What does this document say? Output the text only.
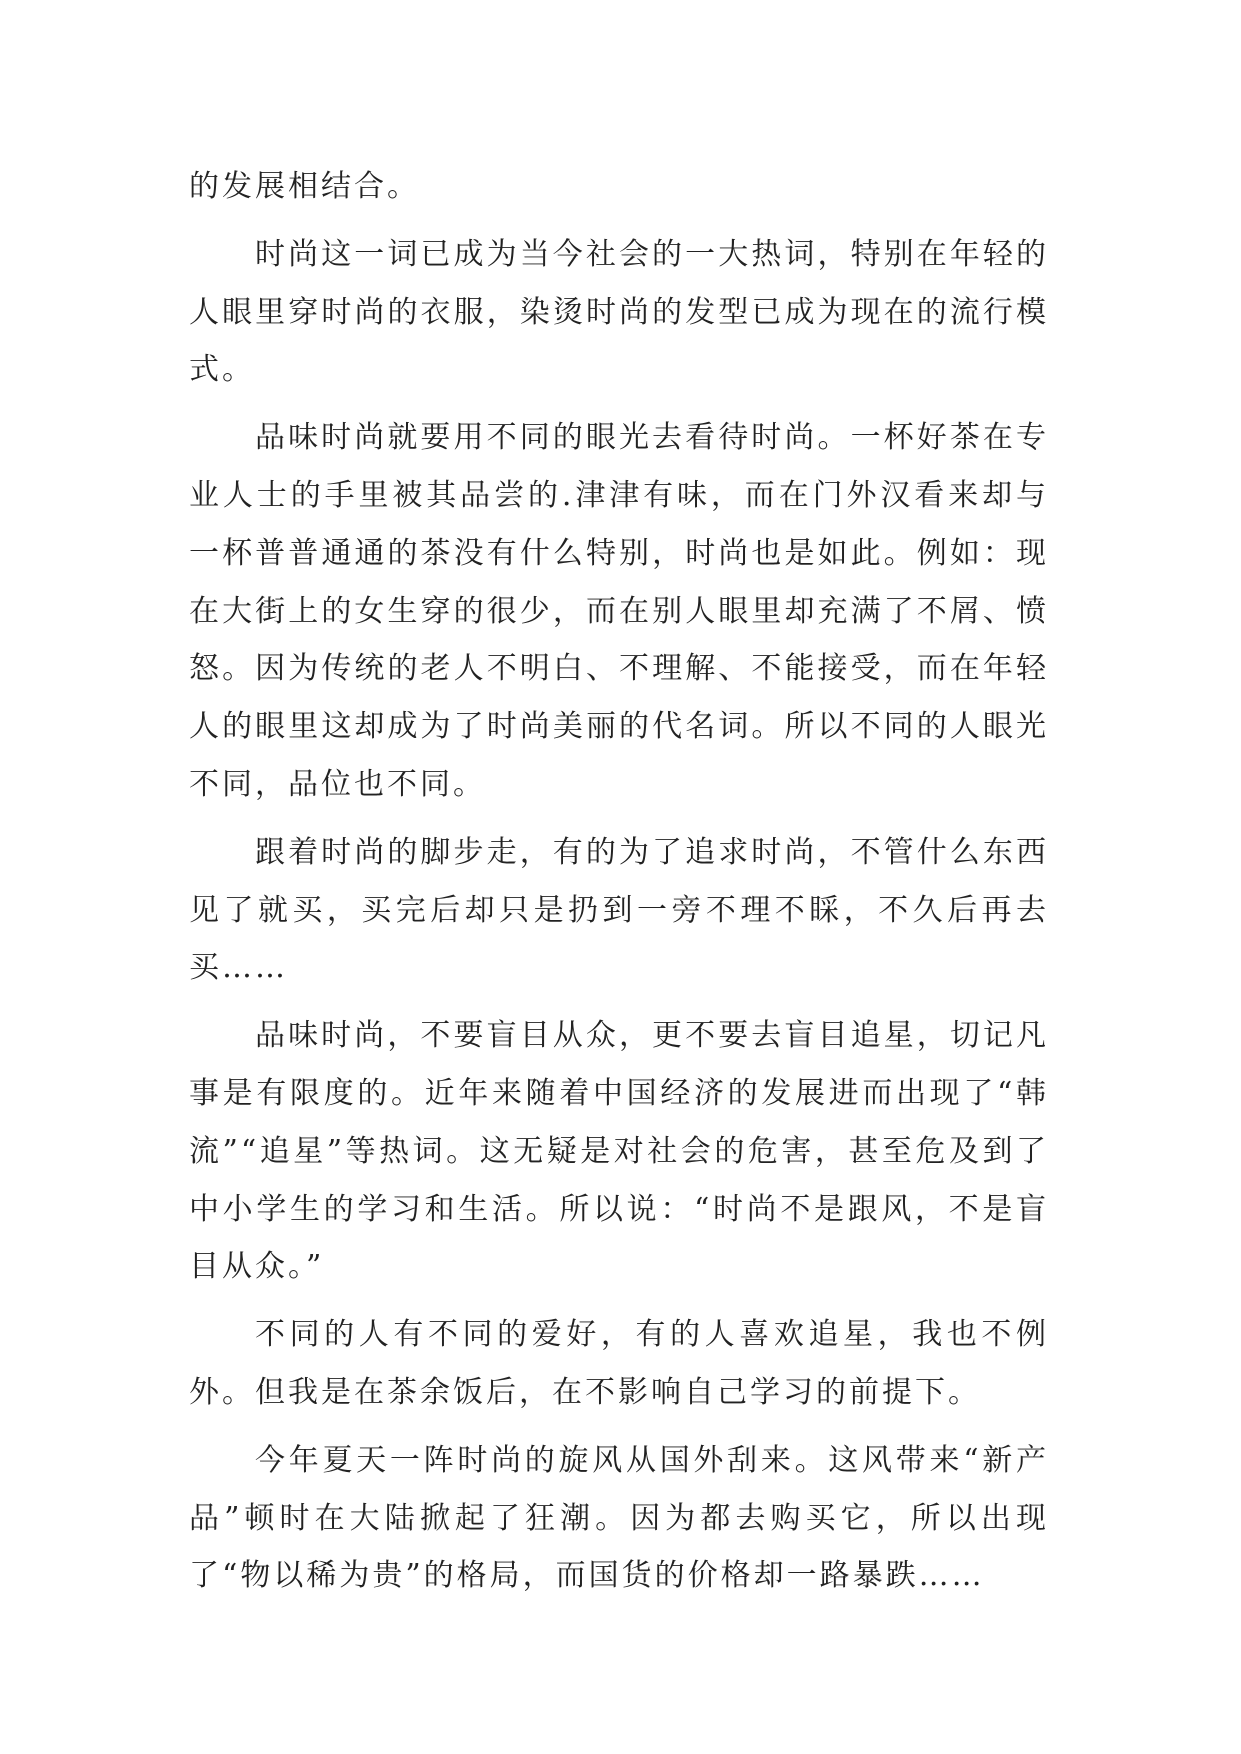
的发展相结合。

时尚这一词已成为当今社会的一大热词，特别在年轻的人眼里穿时尚的衣服，染烫时尚的发型已成为现在的流行模式。

品味时尚就要用不同的眼光去看待时尚。一杯好茶在专业人士的手里被其品尝的.津津有味，而在门外汉看来却与一杯普普通通的茶没有什么特别，时尚也是如此。例如：现在大街上的女生穿的很少，而在别人眼里却充满了不屑、愤怒。因为传统的老人不明白、不理解、不能接受，而在年轻人的眼里这却成为了时尚美丽的代名词。所以不同的人眼光不同，品位也不同。

跟着时尚的脚步走，有的为了追求时尚，不管什么东西见了就买，买完后却只是扔到一旁不理不睬，不久后再去买……

品味时尚，不要盲目从众，更不要去盲目追星，切记凡事是有限度的。近年来随着中国经济的发展进而出现了“韩流”“追星”等热词。这无疑是对社会的危害，甚至危及到了中小学生的学习和生活。所以说：“时尚不是跟风，不是盲目从众。”

不同的人有不同的爱好，有的人喜欢追星，我也不例外。但我是在茶余饭后，在不影响自己学习的前提下。

今年夏天一阵时尚的旋风从国外刮来。这风带来“新产品”顿时在大陆掀起了狂潮。因为都去购买它，所以出现了“物以稀为贵”的格局，而国货的价格却一路暴跌……
